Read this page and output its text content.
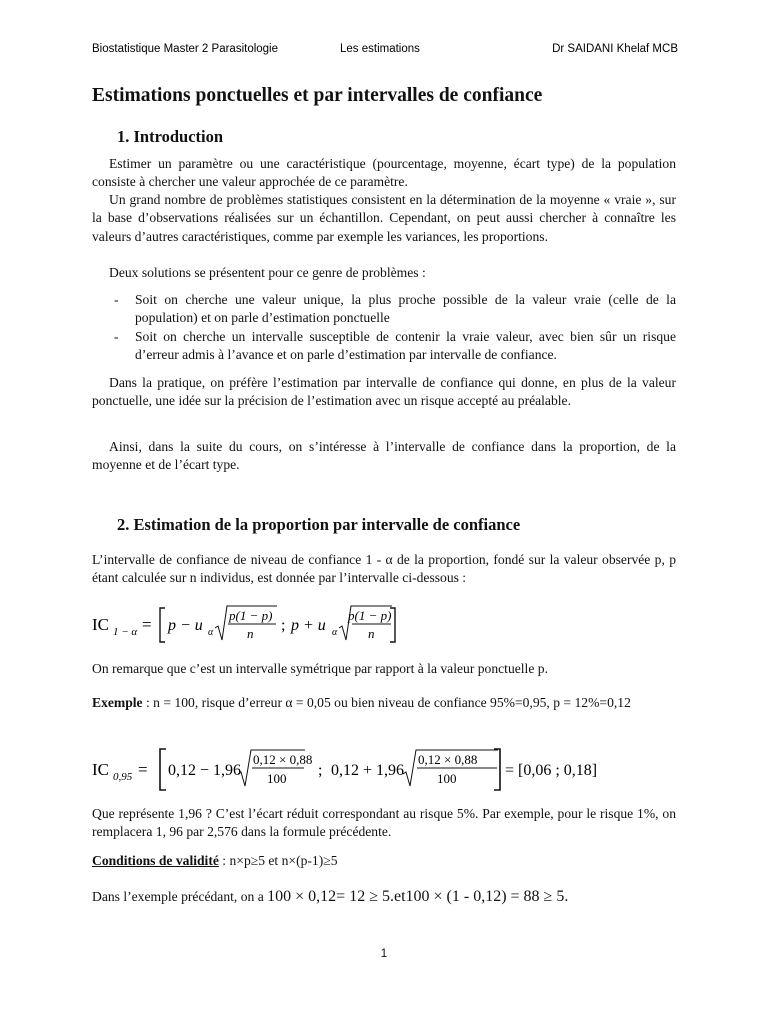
Biostatistique Master 2 Parasitologie	Les estimations	Dr SAIDANI Khelaf MCB
Estimations ponctuelles et par intervalles de confiance
1. Introduction

Estimer un paramètre ou une caractéristique (pourcentage, moyenne, écart type) de la population consiste à chercher une valeur approchée de ce paramètre.

Un grand nombre de problèmes statistiques consistent en la détermination de la moyenne « vraie », sur la base d’observations réalisées sur un échantillon. Cependant, on peut aussi chercher à connaître les valeurs d’autres caractéristiques, comme par exemple les variances, les proportions.

Deux solutions se présentent pour ce genre de problèmes :

- Soit on cherche une valeur unique, la plus proche possible de la valeur vraie (celle de la population) et on parle d’estimation ponctuelle
- Soit on cherche un intervalle susceptible de contenir la vraie valeur, avec bien sûr un risque d’erreur admis à l’avance et on parle d’estimation par intervalle de confiance.

Dans la pratique, on préfère l’estimation par intervalle de confiance qui donne, en plus de la valeur ponctuelle, une idée sur la précision de l’estimation avec un risque accepté au préalable.

Ainsi, dans la suite du cours, on s’intéresse à l’intervalle de confiance dans la proportion, de la moyenne et de l’écart type.

2. Estimation de la proportion par intervalle de confiance

L’intervalle de confiance de niveau de confiance 1 - α de la proportion, fondé sur la valeur observée p, p étant calculée sur n individus, est donnée par l’intervalle ci-dessous :

IC 1 − α = p − u α
p(1 − p)
n ; p + u α
p(1 − p)
n

On remarque que c’est un intervalle symétrique par rapport à la valeur ponctuelle p.

Exemple : n = 100, risque d’erreur α = 0,05 ou bien niveau de confiance 95%=0,95, p = 12%=0,12

IC 0,95 = 0,12 − 1,96
0,12 × 0,88
100 ; 0,12 + 1,96
0,12 × 0,88
100	= [0,06 ; 0,18]

Que représente 1,96 ? C’est l’écart réduit correspondant au risque 5%. Par exemple, pour le risque 1%, on remplacera 1, 96 par 2,576 dans la formule précédente.

Conditions de validité : n×p≥5 et n×(p-1)≥5

Dans l’exemple précédant, on a 100 × 0,12= 12 ≥ 5.et100 × (1 - 0,12) = 88 ≥ 5.

1
